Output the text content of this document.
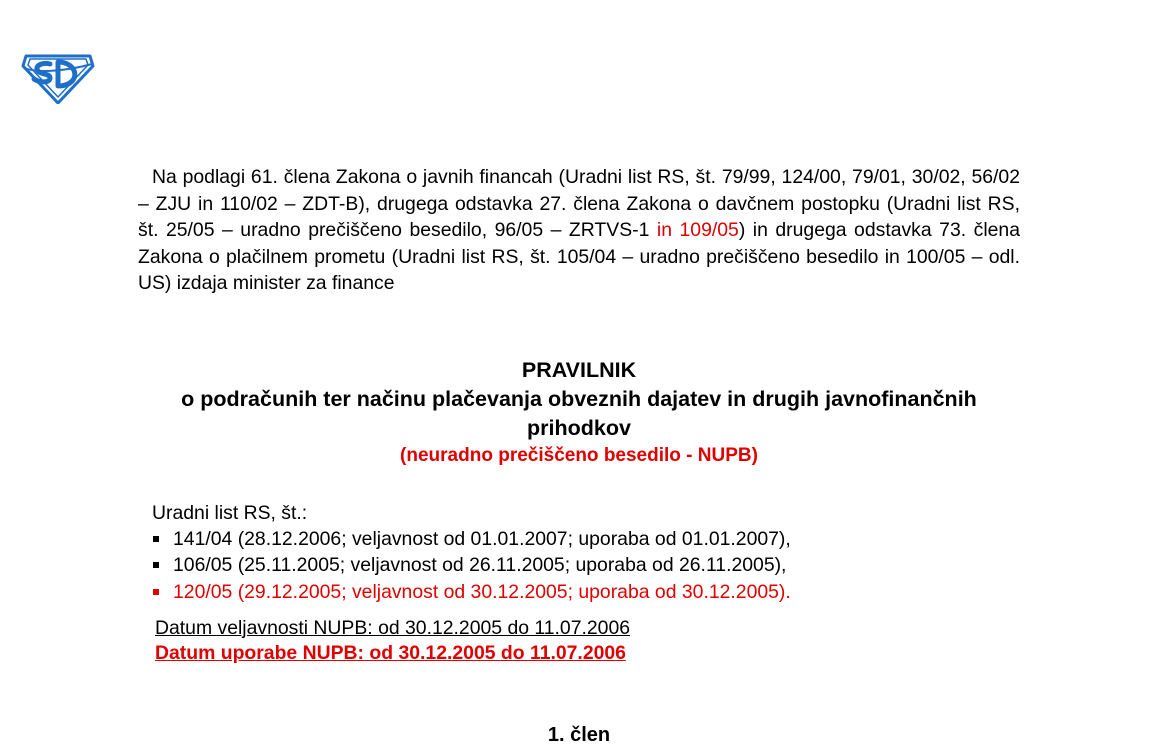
Na podlagi 61. člena Zakona o javnih financah (Uradni list RS, št. 79/99, 124/00, 79/01, 30/02, 56/02 – ZJU in 110/02 – ZDT-B), drugega odstavka 27. člena Zakona o davčnem postopku (Uradni list RS, št. 25/05 – uradno prečiščeno besedilo, 96/05 – ZRTVS-1 in 109/05) in drugega odstavka 73. člena Zakona o plačilnem prometu (Uradni list RS, št. 105/04 – uradno prečiščeno besedilo in 100/05 – odl. US) izdaja minister za finance

PRAVILNIK

o podračunih ter načinu plačevanja obveznih dajatev in drugih javnofinančnih prihodkov

(neuradno prečiščeno besedilo - NUPB)

Uradni list RS, št.:

141/04 (28.12.2006; veljavnost od 01.01.2007; uporaba od 01.01.2007),
106/05 (25.11.2005; veljavnost od 26.11.2005; uporaba od 26.11.2005),
120/05 (29.12.2005; veljavnost od 30.12.2005; uporaba od 30.12.2005).

Datum veljavnosti NUPB: od 30.12.2005 do 11.07.2006

Datum uporabe NUPB: od 30.12.2005 do 11.07.2006

1. člen
